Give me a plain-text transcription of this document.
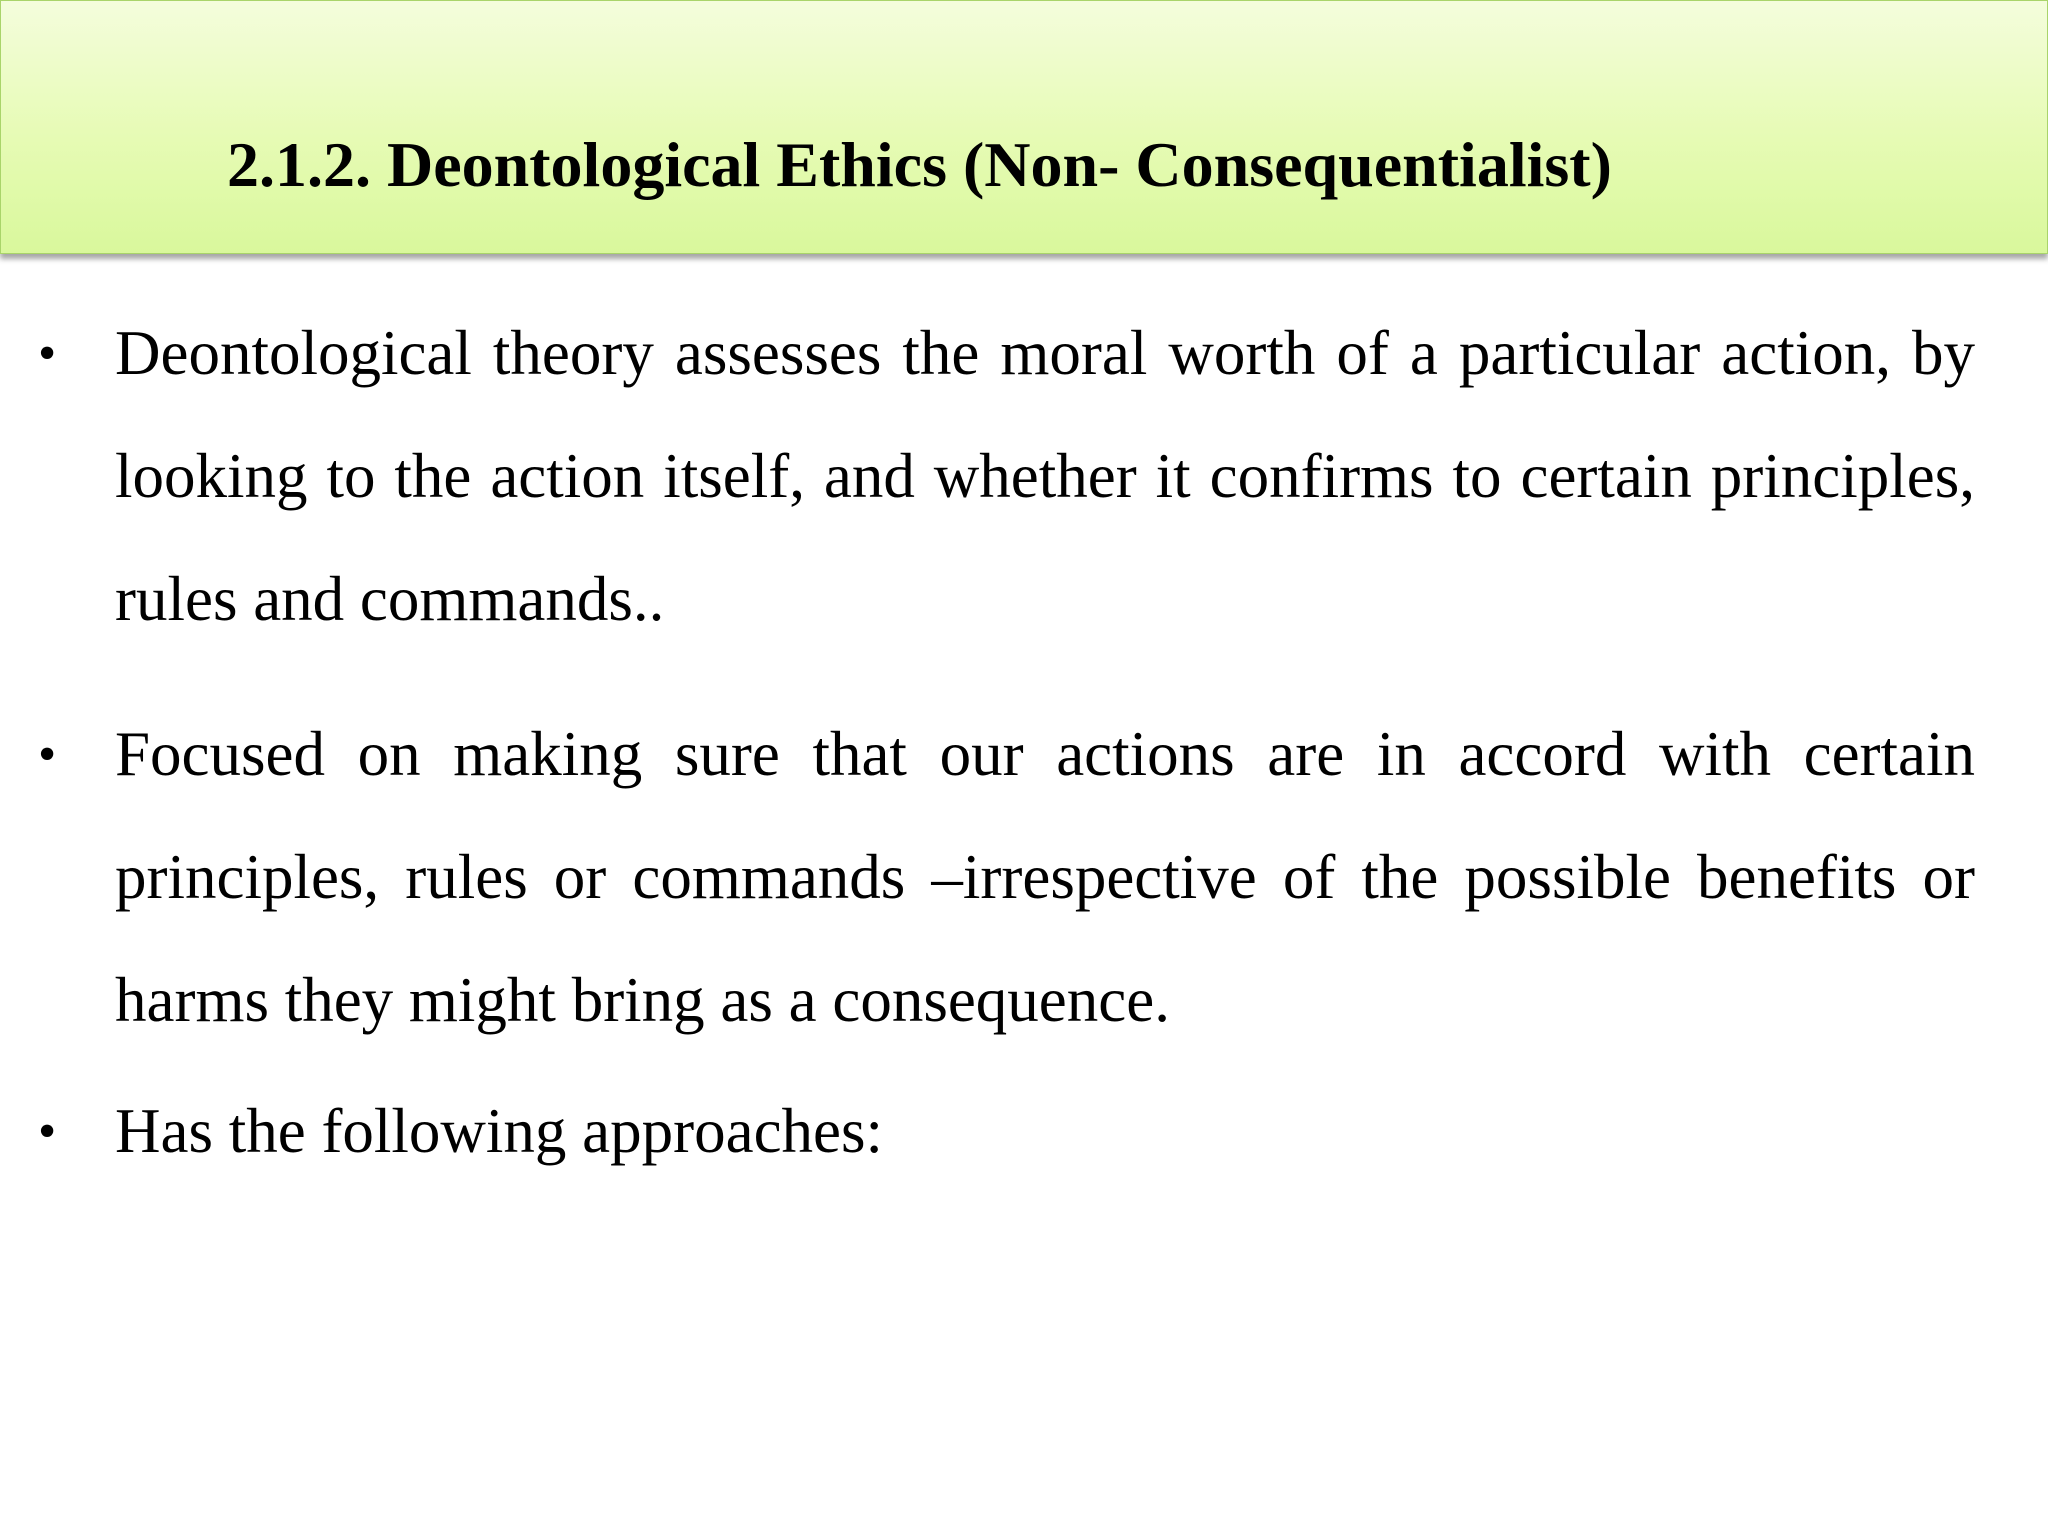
2.1.2. Deontological Ethics (Non- Consequentialist)
• Deontological theory assesses the moral worth of a particular action, by looking to the action itself, and whether it confirms to certain principles, rules and commands..
• Focused on making sure that our actions are in accord with certain principles, rules or commands –irrespective of the possible benefits or harms they might bring as a consequence.
• Has the following approaches:
